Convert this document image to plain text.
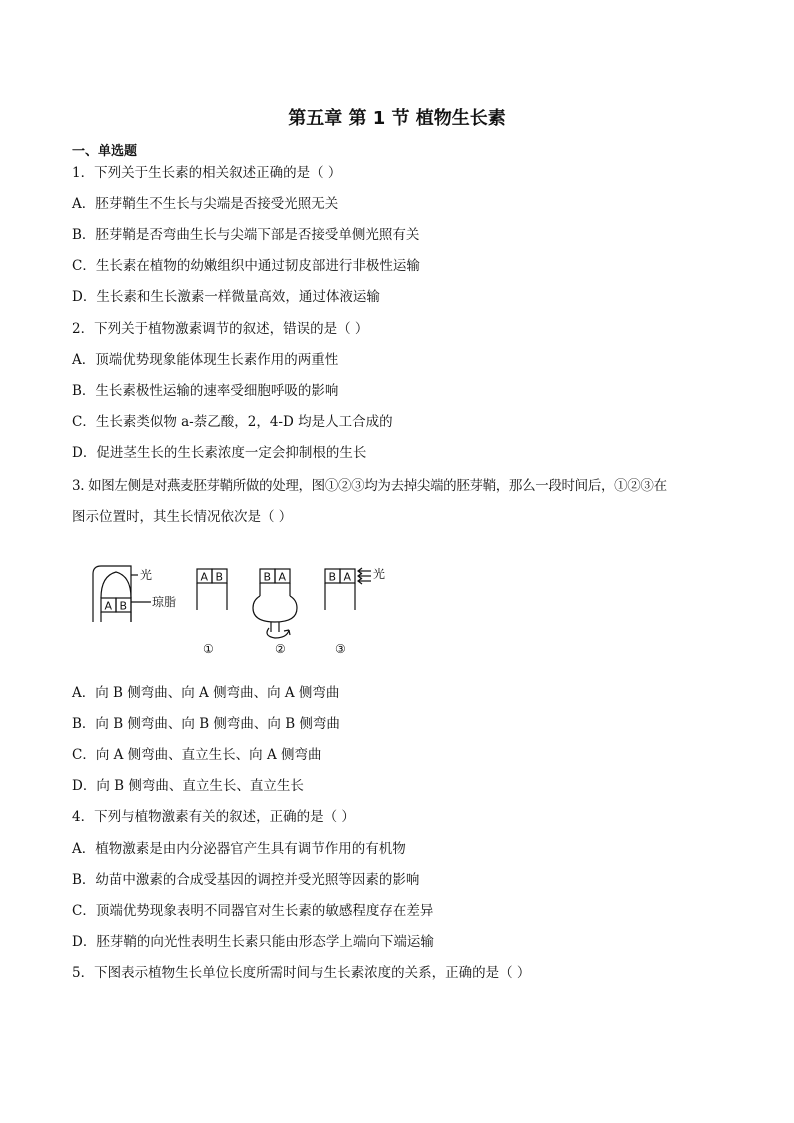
第五章 第 1 节 植物生长素
一、单选题
1．下列关于生长素的相关叙述正确的是（ ）
A．胚芽鞘生不生长与尖端是否接受光照无关
B．胚芽鞘是否弯曲生长与尖端下部是否接受单侧光照有关
C．生长素在植物的幼嫩组织中通过韧皮部进行非极性运输
D．生长素和生长激素一样微量高效，通过体液运输
2．下列关于植物激素调节的叙述，错误的是（ ）
A．顶端优势现象能体现生长素作用的两重性
B．生长素极性运输的速率受细胞呼吸的影响
C．生长素类似物 a-萘乙酸，2，4-D 均是人工合成的
D．促进茎生长的生长素浓度一定会抑制根的生长
3. 如图左侧是对燕麦胚芽鞘所做的处理，图①②③均为去掉尖端的胚芽鞘，那么一段时间后，①②③在
图示位置时，其生长情况依次是（ ）
光
琼脂
A B
A B	B A	B A 光
①	②	③
A．向 B 侧弯曲、向 A 侧弯曲、向 A 侧弯曲
B．向 B 侧弯曲、向 B 侧弯曲、向 B 侧弯曲
C．向 A 侧弯曲、直立生长、向 A 侧弯曲
D．向 B 侧弯曲、直立生长、直立生长
4．下列与植物激素有关的叙述，正确的是（ ）
A．植物激素是由内分泌器官产生具有调节作用的有机物
B．幼苗中激素的合成受基因的调控并受光照等因素的影响
C．顶端优势现象表明不同器官对生长素的敏感程度存在差异
D．胚芽鞘的向光性表明生长素只能由形态学上端向下端运输
5．下图表示植物生长单位长度所需时间与生长素浓度的关系，正确的是（ ）
